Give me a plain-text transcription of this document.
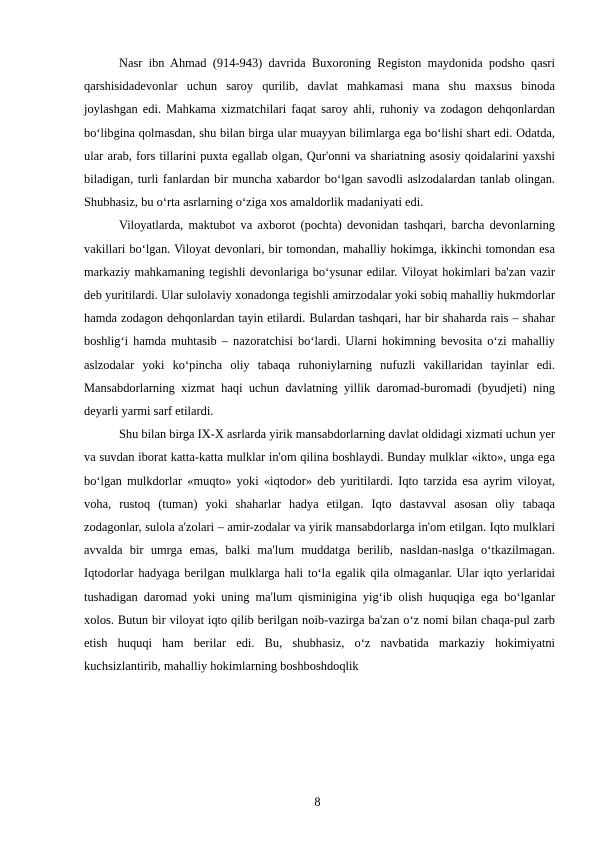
Nasr ibn Ahmad (914-943) davrida Buxoroning Registon maydonida podsho qasri qarshisidadevonlar uchun saroy qurilib, davlat mahkamasi mana shu maxsus binoda joylashgan edi. Mahkama xizmatchilari faqat saroy ahli, ruhoniy va zodagon dehqonlardan bo‘libgina qolmasdan, shu bilan birga ular muayyan bilimlarga ega bo‘lishi shart edi. Odatda, ular arab, fors tillarini puxta egallab olgan, Qur'onni va shariatning asosiy qoidalarini yaxshi biladigan, turli fanlardan bir muncha xabardor bo‘lgan savodli aslzodalardan tanlab olingan. Shubhasiz, bu o‘rta asrlarning o‘ziga xos amaldorlik madaniyati edi.

Viloyatlarda, maktubot va axborot (pochta) devonidan tashqari, barcha devonlarning vakillari bo‘lgan. Viloyat devonlari, bir tomondan, mahalliy hokimga, ikkinchi tomondan esa markaziy mahkamaning tegishli devonlariga bo‘ysunar edilar. Viloyat hokimlari ba'zan vazir deb yuritilardi. Ular sulolaviy xonadonga tegishli amirzodalar yoki sobiq mahalliy hukmdorlar hamda zodagon dehqonlardan tayin etilardi. Bulardan tashqari, har bir shaharda rais – shahar boshlig‘i hamda muhtasib – nazoratchisi bo‘lardi. Ularni hokimning bevosita o‘zi mahalliy aslzodalar yoki ko‘pincha oliy tabaqa ruhoniylarning nufuzli vakillaridan tayinlar edi. Mansabdorlarning xizmat haqi uchun davlatning yillik daromad-buromadi (byudjeti) ning deyarli yarmi sarf etilardi.

Shu bilan birga IX-X asrlarda yirik mansabdorlarning davlat oldidagi xizmati uchun yer va suvdan iborat katta-katta mulklar in'om qilina boshlaydi. Bunday mulklar «ikto», unga ega bo‘lgan mulkdorlar «muqto» yoki «iqtodor» deb yuritilardi. Iqto tarzida esa ayrim viloyat, voha, rustoq (tuman) yoki shaharlar hadya etilgan. Iqto dastavval asosan oliy tabaqa zodagonlar, sulola a'zolari – amir-zodalar va yirik mansabdorlarga in'om etilgan. Iqto mulklari avvalda bir umrga emas, balki ma'lum muddatga berilib, nasldan-naslga o‘tkazilmagan. Iqtodorlar hadyaga berilgan mulklarga hali to‘la egalik qila olmaganlar. Ular iqto yerlaridai tushadigan daromad yoki uning ma'lum qisminigina yig‘ib olish huquqiga ega bo‘lganlar xolos. Butun bir viloyat iqto qilib berilgan noib-vazirga ba'zan o‘z nomi bilan chaqa-pul zarb etish huquqi ham berilar edi. Bu, shubhasiz, o‘z navbatida markaziy hokimiyatni kuchsizlantirib, mahalliy hokimlarning boshboshdoqlik

8
